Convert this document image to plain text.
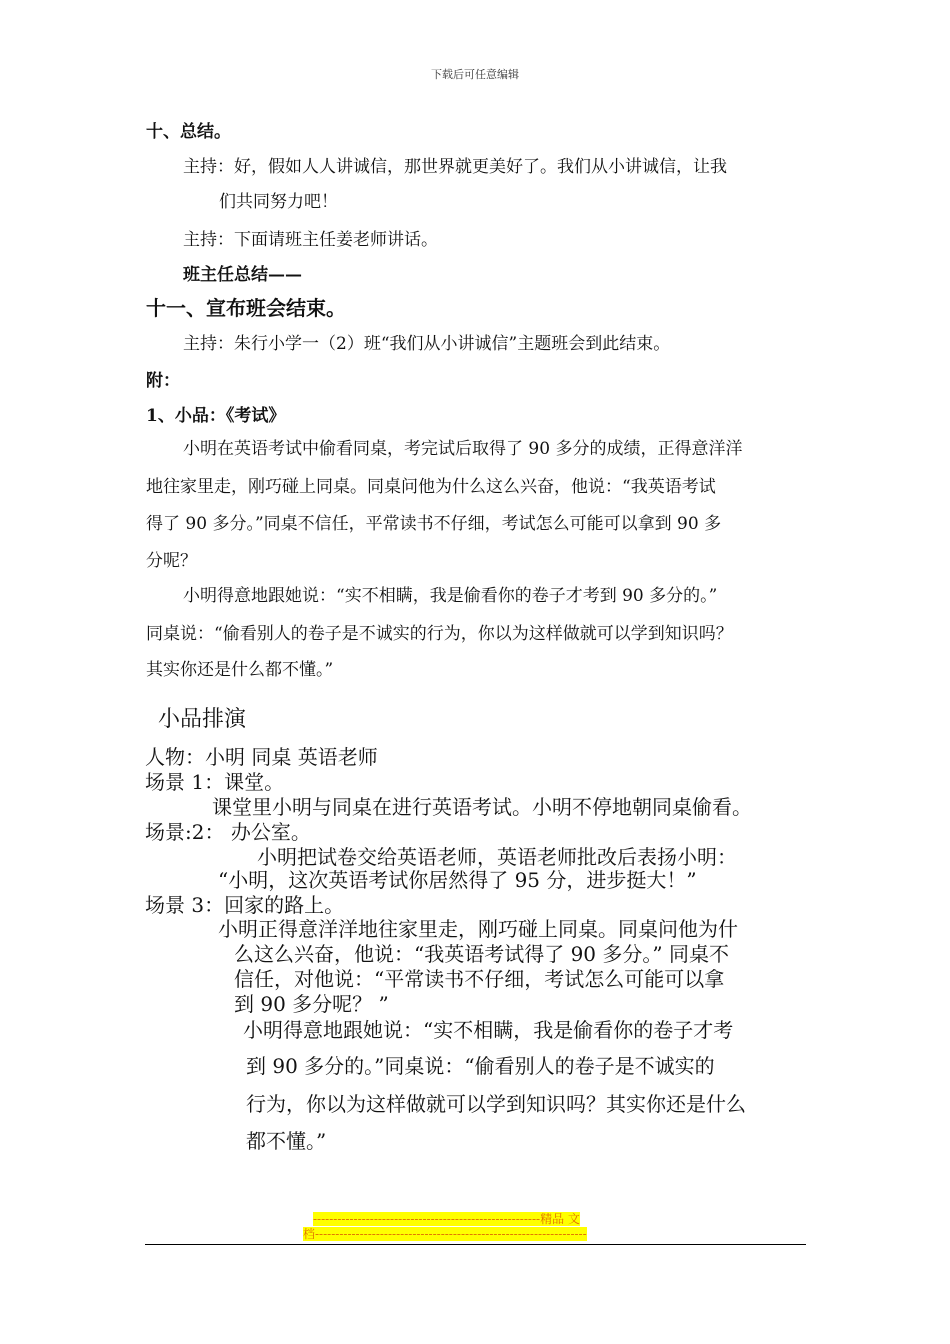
下载后可任意编辑
十、总结。
主持：好，假如人人讲诚信，那世界就更美好了。我们从小讲诚信，让我
们共同努力吧！
主持：下面请班主任姜老师讲话。
班主任总结——
十一、宣布班会结束。
主持：朱行小学一（2）班“我们从小讲诚信”主题班会到此结束。
附：
1、小品：《考试》
小明在英语考试中偷看同桌，考完试后取得了 90 多分的成绩，正得意洋洋
地往家里走，刚巧碰上同桌。同桌问他为什么这么兴奋，他说：“我英语考试
得了 90 多分。”同桌不信任，平常读书不仔细，考试怎么可能可以拿到 90 多
分呢？
小明得意地跟她说：“实不相瞒，我是偷看你的卷子才考到 90 多分的。”
同桌说：“偷看别人的卷子是不诚实的行为，你以为这样做就可以学到知识吗？
其实你还是什么都不懂。”
小品排演
人物：小明 同桌 英语老师
场景 1：课堂。
课堂里小明与同桌在进行英语考试。小明不停地朝同桌偷看。
场景:2： 办公室。
小明把试卷交给英语老师，英语老师批改后表扬小明：
“小明，这次英语考试你居然得了 95 分，进步挺大！”
场景 3：回家的路上。
小明正得意洋洋地往家里走，刚巧碰上同桌。同桌问他为什
么这么兴奋，他说：“我英语考试得了 90 多分。” 同桌不
信任，对他说：“平常读书不仔细，考试怎么可能可以拿
到 90 多分呢？ ”
小明得意地跟她说：“实不相瞒，我是偷看你的卷子才考
到 90 多分的。”同桌说：“偷看别人的卷子是不诚实的
行为，你以为这样做就可以学到知识吗？其实你还是什么
都不懂。”
--------------------------------------------------------精品 文
档-------------------------------------------------------------------
